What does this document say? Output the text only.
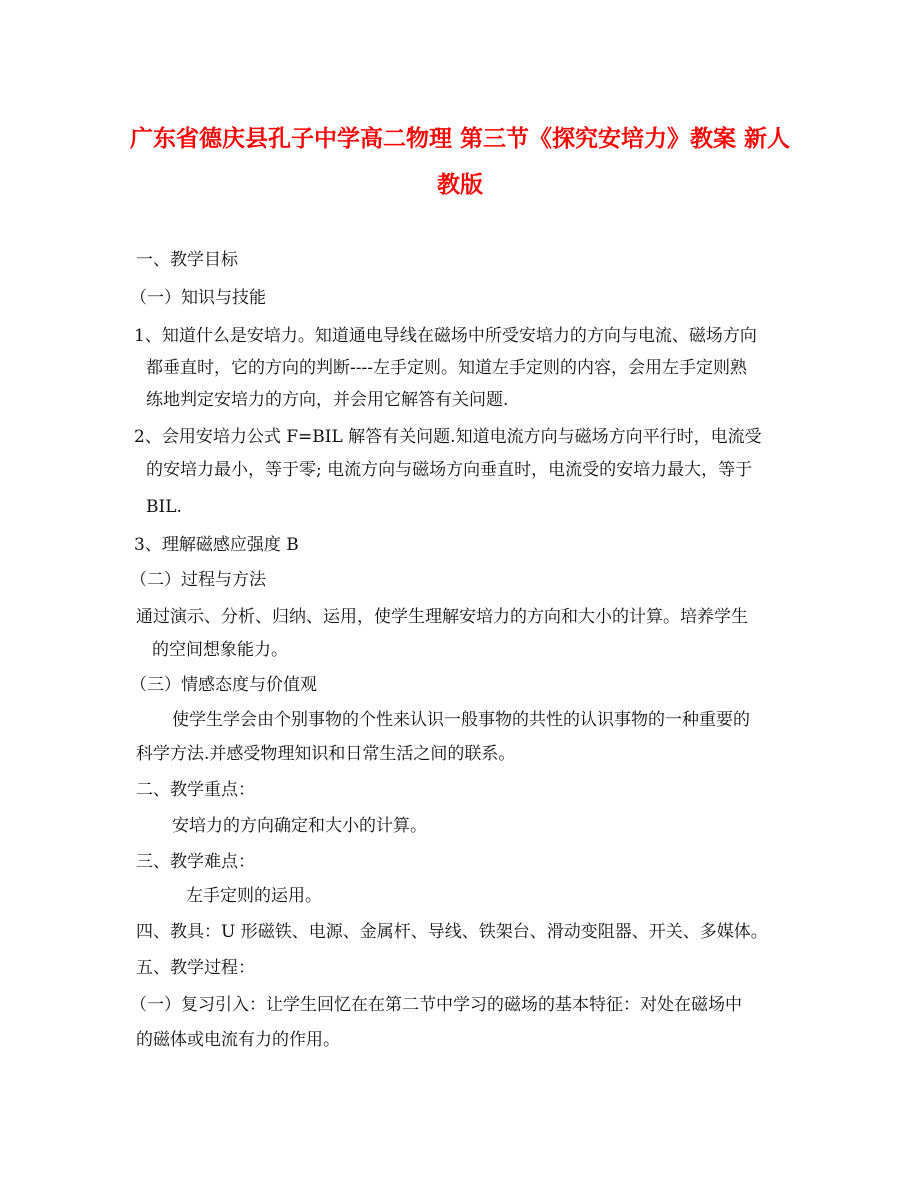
广东省德庆县孔子中学高二物理 第三节《探究安培力》教案 新人
教版
一、教学目标
（一）知识与技能
1、知道什么是安培力。知道通电导线在磁场中所受安培力的方向与电流、磁场方向
都垂直时，它的方向的判断----左手定则。知道左手定则的内容，会用左手定则熟
练地判定安培力的方向，并会用它解答有关问题.
2、会用安培力公式 F=BIL 解答有关问题.知道电流方向与磁场方向平行时，电流受
的安培力最小，等于零; 电流方向与磁场方向垂直时，电流受的安培力最大，等于
BIL.
3、理解磁感应强度 B
（二）过程与方法
通过演示、分析、归纳、运用，使学生理解安培力的方向和大小的计算。培养学生
的空间想象能力。
（三）情感态度与价值观
使学生学会由个别事物的个性来认识一般事物的共性的认识事物的一种重要的
科学方法.并感受物理知识和日常生活之间的联系。
二、教学重点：
安培力的方向确定和大小的计算。
三、教学难点：
左手定则的运用。
四、教具：U 形磁铁、电源、金属杆、导线、铁架台、滑动变阻器、开关、多媒体。
五、教学过程：
（一）复习引入：让学生回忆在在第二节中学习的磁场的基本特征：对处在磁场中
的磁体或电流有力的作用。
